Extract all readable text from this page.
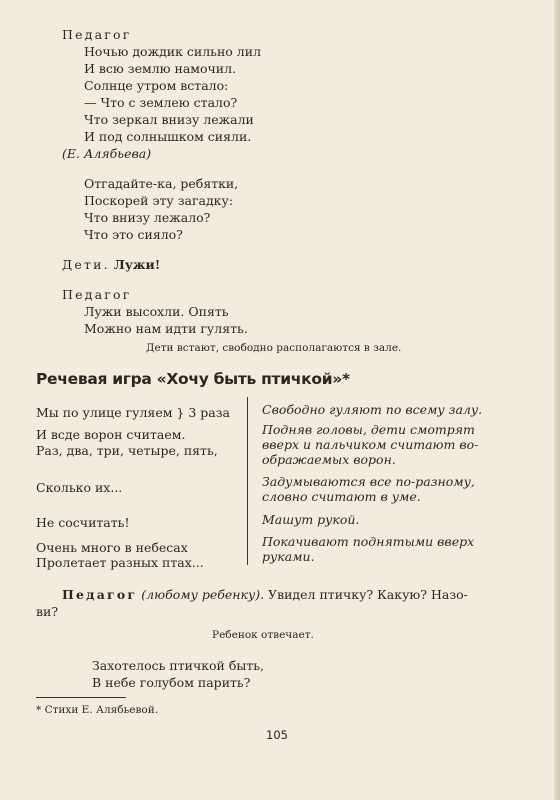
Педагог
Ночью дождик сильно лил
И всю землю намочил.
Солнце утром встало:
— Что с землею стало?
Что зеркал внизу лежали
И под солнышком сияли.
(Е. Алябьева)
Отгадайте-ка, ребятки,
Поскорей эту загадку:
Что внизу лежало?
Что это сияло?
Дети. Лужи!
Педагог
Лужи высохли. Опять
Можно нам идти гулять.
Дети встают, свободно располагаются в зале.
Речевая игра «Хочу быть птичкой»*
Мы по улице гуляем } 3 раза
И всде ворон считаем.
Раз, два, три, четыре, пять,
Сколько их...
Не сосчитать!
Очень много в небесах
Пролетает разных птах...
Свободно гуляют по всему залу.
Подняв головы, дети смотрят
вверх и пальчиком считают во-
ображаемых ворон.
Задумываются все по-разному,
словно считают в уме.
Машут рукой.
Покачивают поднятыми вверх
руками.
Педагог (любому ребенку). Увидел птичку? Какую? Назо-
ви?
Ребенок отвечает.
Захотелось птичкой быть,
В небе голубом парить?
* Стихи Е. Алябьевой.
105
